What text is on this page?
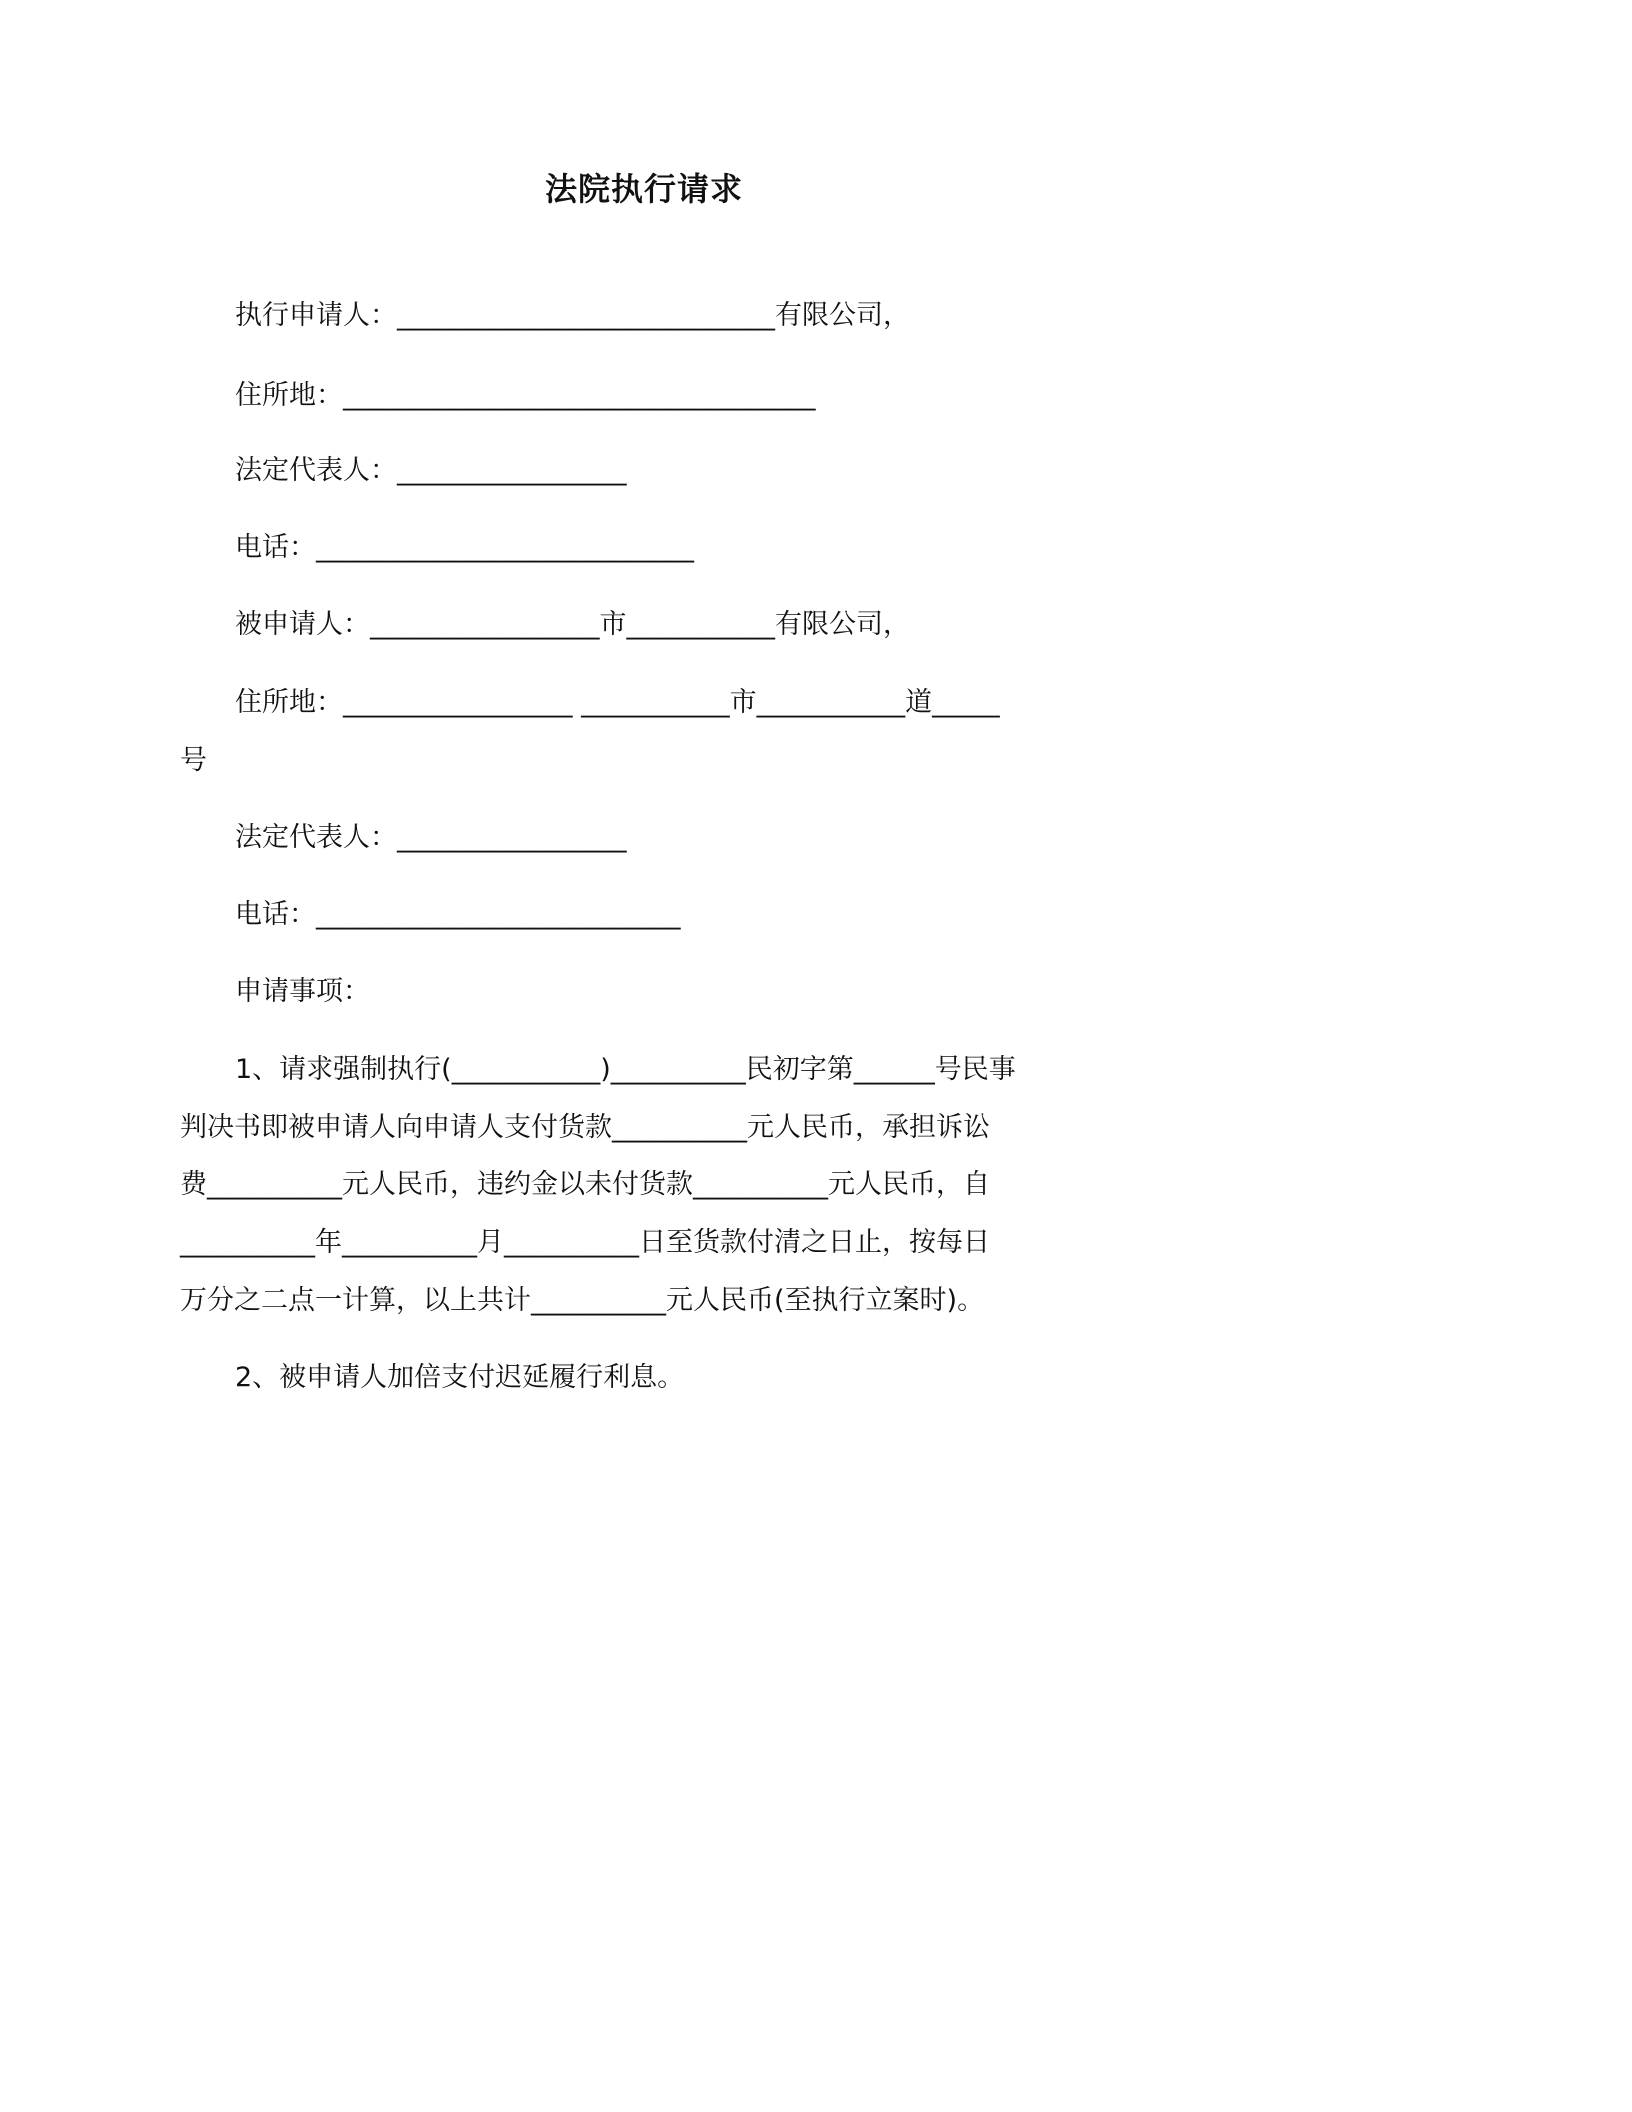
法院执行请求
执行申请人：____________________________有限公司，
住所地：___________________________________
法定代表人：_________________
电话：____________________________
被申请人：_________________市___________有限公司，
住所地：_________________ ___________市___________道_____
号
法定代表人：_________________
电话：___________________________
申请事项：
1、请求强制执行(___________)__________民初字第______号民事
判决书即被申请人向申请人支付货款__________元人民币，承担诉讼
费__________元人民币，违约金以未付货款__________元人民币，自
__________年__________月__________日至货款付清之日止，按每日
万分之二点一计算，以上共计__________元人民币(至执行立案时)。
2、被申请人加倍支付迟延履行利息。
